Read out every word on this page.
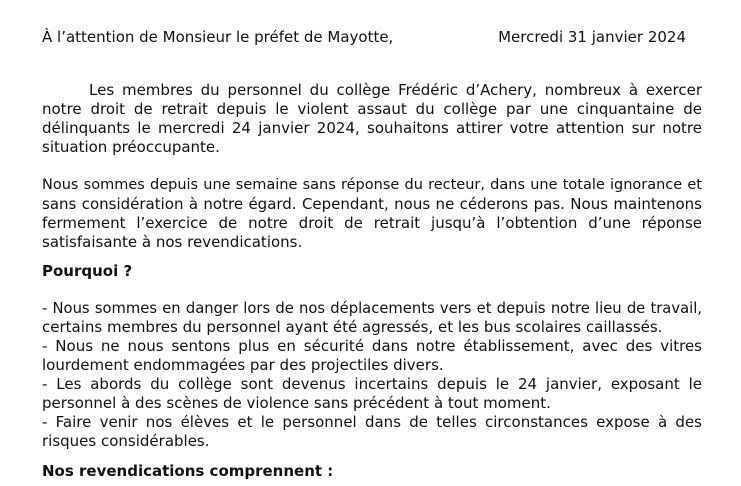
À l’attention de Monsieur le préfet de Mayotte,	Mercredi 31 janvier 2024
Les membres du personnel du collège Frédéric d’Achery, nombreux à exercer
notre droit de retrait depuis le violent assaut du collège par une cinquantaine de
délinquants le mercredi 24 janvier 2024, souhaitons attirer votre attention sur notre
situation préoccupante.
Nous sommes depuis une semaine sans réponse du recteur, dans une totale ignorance et
sans considération à notre égard. Cependant, nous ne céderons pas. Nous maintenons
fermement l’exercice de notre droit de retrait jusqu’à l’obtention d’une réponse
satisfaisante à nos revendications.
Pourquoi ?
- Nous sommes en danger lors de nos déplacements vers et depuis notre lieu de travail,
certains membres du personnel ayant été agressés, et les bus scolaires caillassés.
- Nous ne nous sentons plus en sécurité dans notre établissement, avec des vitres
lourdement endommagées par des projectiles divers.
- Les abords du collège sont devenus incertains depuis le 24 janvier, exposant le
personnel à des scènes de violence sans précédent à tout moment.
- Faire venir nos élèves et le personnel dans de telles circonstances expose à des
risques considérables.
Nos revendications comprennent :
